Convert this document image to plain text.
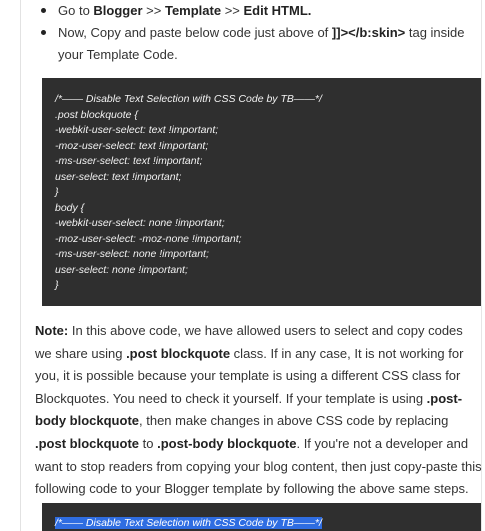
Go to Blogger >> Template >> Edit HTML.
Now, Copy and paste below code just above of ]]></b:skin> tag inside your Template Code.
/*—— Disable Text Selection with CSS Code by TB——*/
.post blockquote {
-webkit-user-select: text !important;
-moz-user-select: text !important;
-ms-user-select: text !important;
user-select: text !important;
}
body {
-webkit-user-select: none !important;
-moz-user-select: -moz-none !important;
-ms-user-select: none !important;
user-select: none !important;
}
Note: In this above code, we have allowed users to select and copy codes we share using .post blockquote class. If in any case, It is not working for you, it is possible because your template is using a different CSS class for Blockquotes. You need to check it yourself. If your template is using .post-body blockquote, then make changes in above CSS code by replacing .post blockquote to .post-body blockquote. If you're not a developer and want to stop readers from copying your blog content, then just copy-paste this following code to your Blogger template by following the above same steps.
/*—— Disable Text Selection with CSS Code by TB——*/
